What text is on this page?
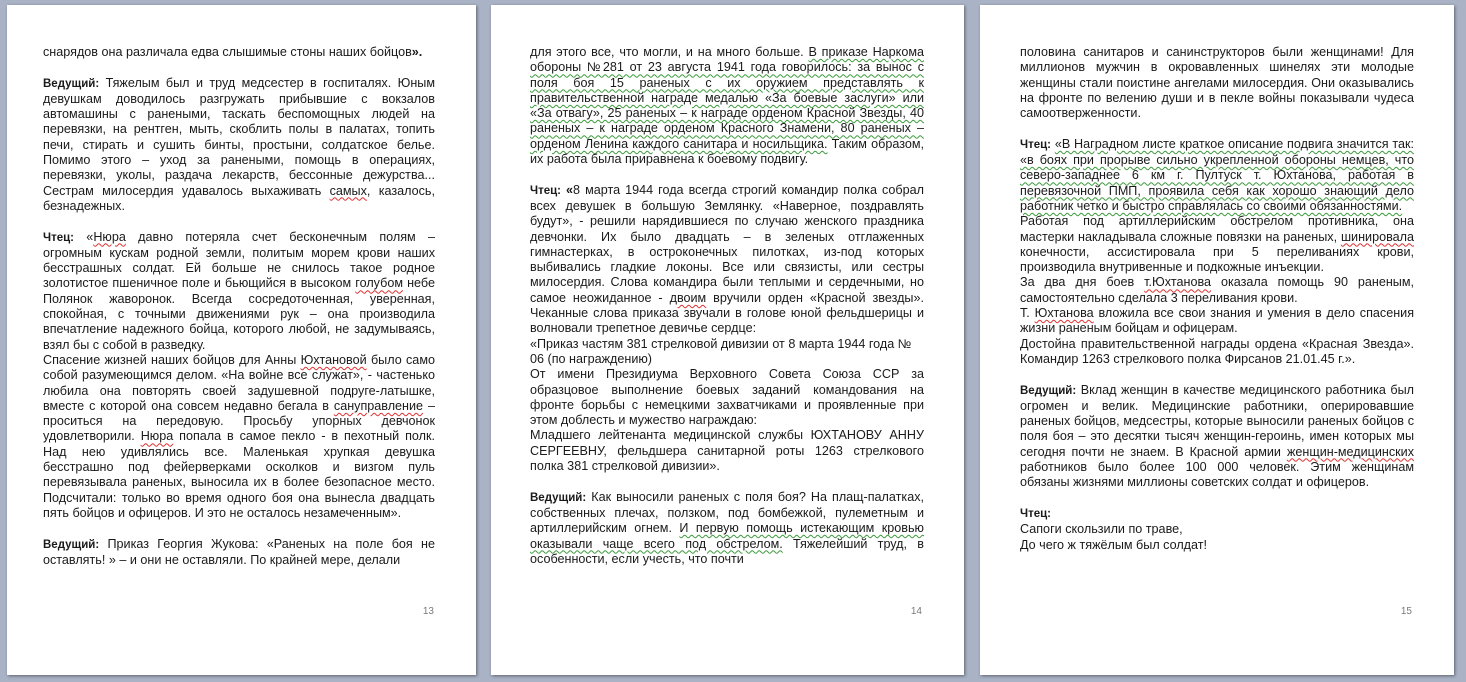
снарядов она различала едва слышимые стоны наших бойцов».

Ведущий: Тяжелым был и труд медсестер в госпиталях. Юным девушкам доводилось разгружать прибывшие с вокзалов автомашины с ранеными, таскать беспомощных людей на перевязки, на рентген, мыть, скоблить полы в палатах, топить печи, стирать и сушить бинты, простыни, солдатское белье. Помимо этого – уход за ранеными, помощь в операциях, перевязки, уколы, раздача лекарств, бессонные дежурства... Сестрам милосердия удавалось выхаживать самых, казалось, безнадежных.

Чтец: «Нюра давно потеряла счет бесконечным полям – огромным кускам родной земли, политым морем крови наших бесстрашных солдат. Ей больше не снилось такое родное золотистое пшеничное поле и бьющийся в высоком голубом небе Полянок жаворонок. Всегда сосредоточенная, уверенная, спокойная, с точными движениями рук – она производила впечатление надежного бойца, которого любой, не задумываясь, взял бы с собой в разведку.

Спасение жизней наших бойцов для Анны Юхтановой было само собой разумеющимся делом. «На войне все служат», - частенько любила она повторять своей задушевной подруге-латышке, вместе с которой она совсем недавно бегала в сануправление – проситься на передовую. Просьбу упорных девчонок удовлетворили. Нюра попала в самое пекло - в пехотный полк. Над нею удивлялись все. Маленькая хрупкая девушка бесстрашно под фейерверками осколков и визгом пуль перевязывала раненых, выносила их в более безопасное место. Подсчитали: только во время одного боя она вынесла двадцать пять бойцов и офицеров. И это не осталось незамеченным».

Ведущий: Приказ Георгия Жукова: «Раненых на поле боя не оставлять! » – и они не оставляли. По крайней мере, делали

13

для этого все, что могли, и на много больше. В приказе Наркома обороны №281 от 23 августа 1941 года говорилось: за вынос с поля боя 15 раненых с их оружием представлять к правительственной награде медалью «За боевые заслуги» или «За отвагу», 25 раненых – к награде орденом Красной Звезды, 40 раненых – к награде орденом Красного Знамени, 80 раненых – орденом Ленина каждого санитара и носильщика. Таким образом, их работа была приравнена к боевому подвигу.

Чтец: «8 марта 1944 года всегда строгий командир полка собрал всех девушек в большую Землянку. «Наверное, поздравлять будут», - решили нарядившиеся по случаю женского праздника девчонки. Их было двадцать – в зеленых отглаженных гимнастерках, в остроконечных пилотках, из-под которых выбивались гладкие локоны. Все или связисты, или сестры милосердия. Слова командира были теплыми и сердечными, но самое неожиданное - двоим вручили орден «Красной звезды». Чеканные слова приказа звучали в голове юной фельдшерицы и волновали трепетное девичье сердце:

«Приказ частям 381 стрелковой дивизии от 8 марта 1944 года № 06 (по награждению)

От имени Президиума Верховного Совета Союза ССР за образцовое выполнение боевых заданий командования на фронте борьбы с немецкими захватчиками и проявленные при этом доблесть и мужество награждаю:

Младшего лейтенанта медицинской службы ЮХТАНОВУ АННУ СЕРГЕЕВНУ, фельдшера санитарной роты 1263 стрелкового полка 381 стрелковой дивизии».

Ведущий: Как выносили раненых с поля боя? На плащ-палатках, собственных плечах, ползком, под бомбежкой, пулеметным и артиллерийским огнем. И первую помощь истекающим кровью оказывали чаще всего под обстрелом. Тяжелейший труд, в особенности, если учесть, что почти

14

половина санитаров и санинструкторов были женщинами! Для миллионов мужчин в окровавленных шинелях эти молодые женщины стали поистине ангелами милосердия. Они оказывались на фронте по велению души и в пекле войны показывали чудеса самоотверженности.

Чтец: «В Наградном листе краткое описание подвига значится так: «в боях при прорыве сильно укрепленной обороны немцев, что северо-западнее 6 км г. Пултуск т. Юхтанова, работая в перевязочной ПМП, проявила себя как хорошо знающий дело работник четко и быстро справлялась со своими обязанностями.

Работая под артиллерийским обстрелом противника, она мастерки накладывала сложные повязки на раненых, шинировала конечности, ассистировала при 5 переливаниях крови, производила внутривенные и подкожные инъекции.

За два дня боев т.Юхтанова оказала помощь 90 раненым, самостоятельно сделала 3 переливания крови.

Т. Юхтанова вложила все свои знания и умения в дело спасения жизни раненым бойцам и офицерам.

Достойна правительственной награды ордена «Красная Звезда». Командир 1263 стрелкового полка Фирсанов 21.01.45 г.».

Ведущий: Вклад женщин в качестве медицинского работника был огромен и велик. Медицинские работники, оперировавшие раненых бойцов, медсестры, которые выносили раненых бойцов с поля боя – это десятки тысяч женщин-героинь, имен которых мы сегодня почти не знаем. В Красной армии женщин-медицинских работников было более 100 000 человек. Этим женщинам обязаны жизнями миллионы советских солдат и офицеров.

Чтец:

Сапоги скользили по траве,

До чего ж тяжёлым был солдат!

15
